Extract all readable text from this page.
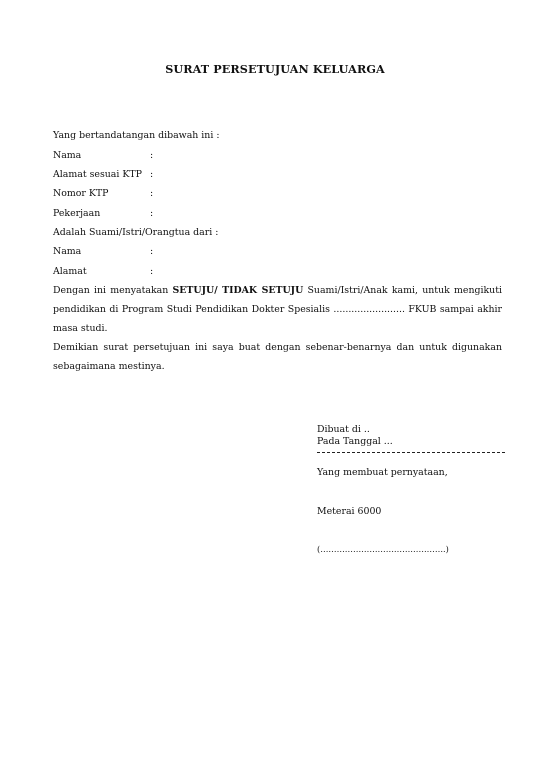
SURAT PERSETUJUAN KELUARGA
Yang bertandatangan dibawah ini :
Nama	:
Alamat sesuai KTP :
Nomor KTP	:
Pekerjaan	:
Adalah Suami/Istri/Orangtua dari :
Nama	:
Alamat	:
Dengan ini menyatakan SETUJU/ TIDAK SETUJU Suami/Istri/Anak kami, untuk mengikuti
pendidikan di Program Studi Pendidikan Dokter Spesialis ........................ FKUB sampai akhir
masa studi.
Demikian surat persetujuan ini saya buat dengan sebenar-benarnya dan untuk digunakan
sebagaimana mestinya.
Dibuat di ..
Pada Tanggal ...
Yang membuat pernyataan,
Meterai 6000
(……………………………………….)
